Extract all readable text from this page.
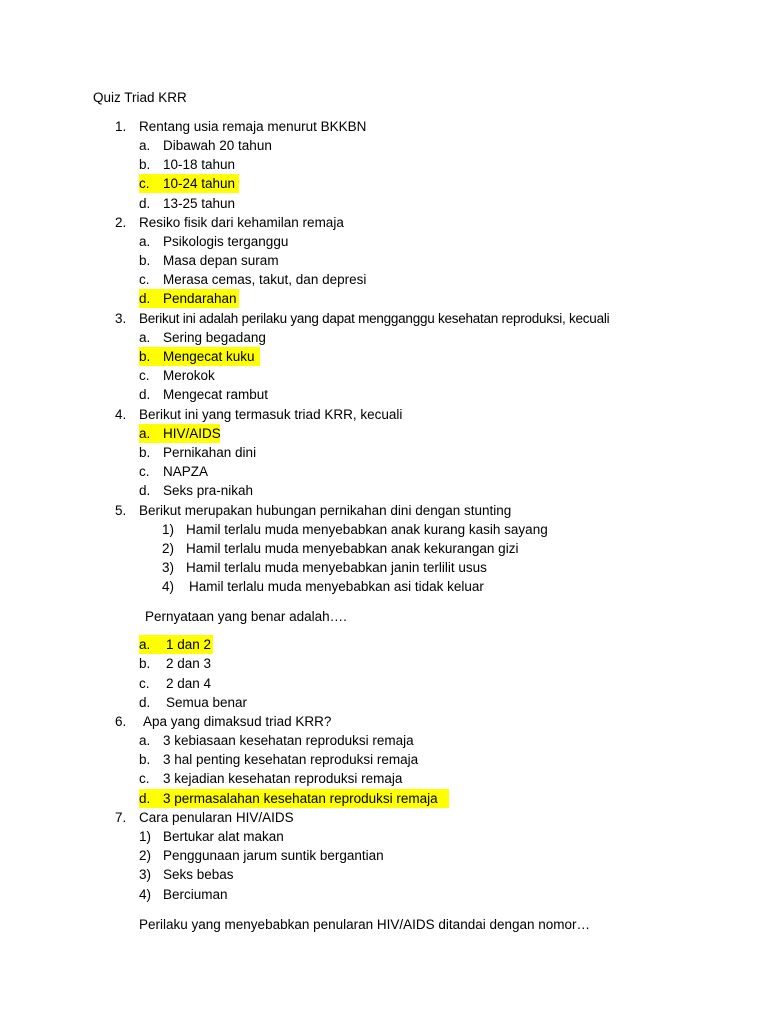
Quiz Triad KRR
1. Rentang usia remaja menurut BKKBN
a. Dibawah 20 tahun
b. 10-18 tahun
c. 10-24 tahun
d. 13-25 tahun
2. Resiko fisik dari kehamilan remaja
a. Psikologis terganggu
b. Masa depan suram
c. Merasa cemas, takut, dan depresi
d. Pendarahan
3. Berikut ini adalah perilaku yang dapat mengganggu kesehatan reproduksi, kecuali
a. Sering begadang
b. Mengecat kuku
c. Merokok
d. Mengecat rambut
4. Berikut ini yang termasuk triad KRR, kecuali
a. HIV/AIDS
b. Pernikahan dini
c. NAPZA
d. Seks pra-nikah
5. Berikut merupakan hubungan pernikahan dini dengan stunting
1) Hamil terlalu muda menyebabkan anak kurang kasih sayang
2) Hamil terlalu muda menyebabkan anak kekurangan gizi
3) Hamil terlalu muda menyebabkan janin terlilit usus
4) Hamil terlalu muda menyebabkan asi tidak keluar
Pernyataan yang benar adalah….
a. 1 dan 2
b. 2 dan 3
c. 2 dan 4
d. Semua benar
6. Apa yang dimaksud triad KRR?
a. 3 kebiasaan kesehatan reproduksi remaja
b. 3 hal penting kesehatan reproduksi remaja
c. 3 kejadian kesehatan reproduksi remaja
d. 3 permasalahan kesehatan reproduksi remaja
7. Cara penularan HIV/AIDS
1) Bertukar alat makan
2) Penggunaan jarum suntik bergantian
3) Seks bebas
4) Berciuman
Perilaku yang menyebabkan penularan HIV/AIDS ditandai dengan nomor…
